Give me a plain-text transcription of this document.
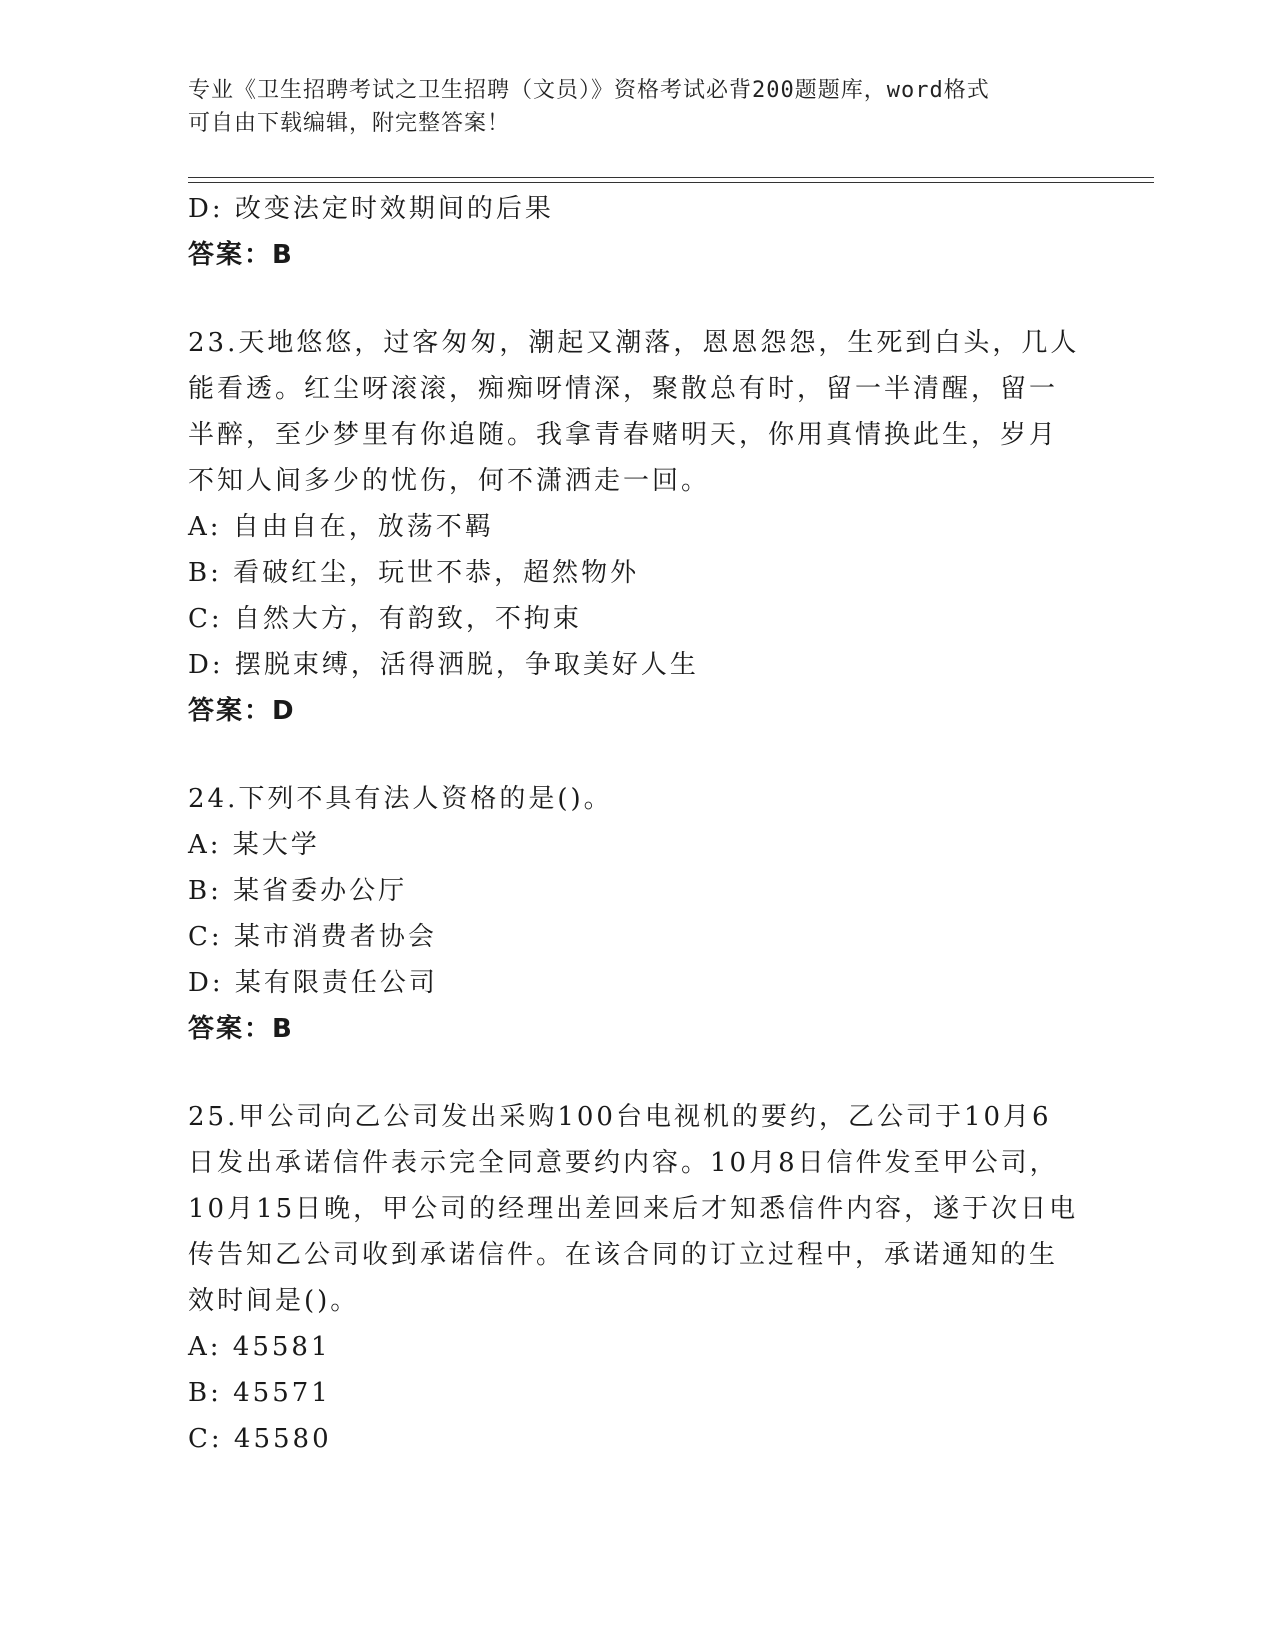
专业《卫生招聘考试之卫生招聘（文员）》资格考试必背200题题库，word格式
可自由下载编辑，附完整答案！
D: 改变法定时效期间的后果
答案：B
23.天地悠悠，过客匆匆，潮起又潮落，恩恩怨怨，生死到白头，几人
能看透。红尘呀滚滚，痴痴呀情深，聚散总有时，留一半清醒，留一
半醉，至少梦里有你追随。我拿青春赌明天，你用真情换此生，岁月
不知人间多少的忧伤，何不潇洒走一回。
A: 自由自在，放荡不羁
B: 看破红尘，玩世不恭，超然物外
C: 自然大方，有韵致，不拘束
D: 摆脱束缚，活得洒脱，争取美好人生
答案：D
24.下列不具有法人资格的是()。
A: 某大学
B: 某省委办公厅
C: 某市消费者协会
D: 某有限责任公司
答案：B
25.甲公司向乙公司发出采购100台电视机的要约，乙公司于10月6
日发出承诺信件表示完全同意要约内容。10月8日信件发至甲公司，
10月15日晚，甲公司的经理出差回来后才知悉信件内容，遂于次日电
传告知乙公司收到承诺信件。在该合同的订立过程中，承诺通知的生
效时间是()。
A: 45581
B: 45571
C: 45580
